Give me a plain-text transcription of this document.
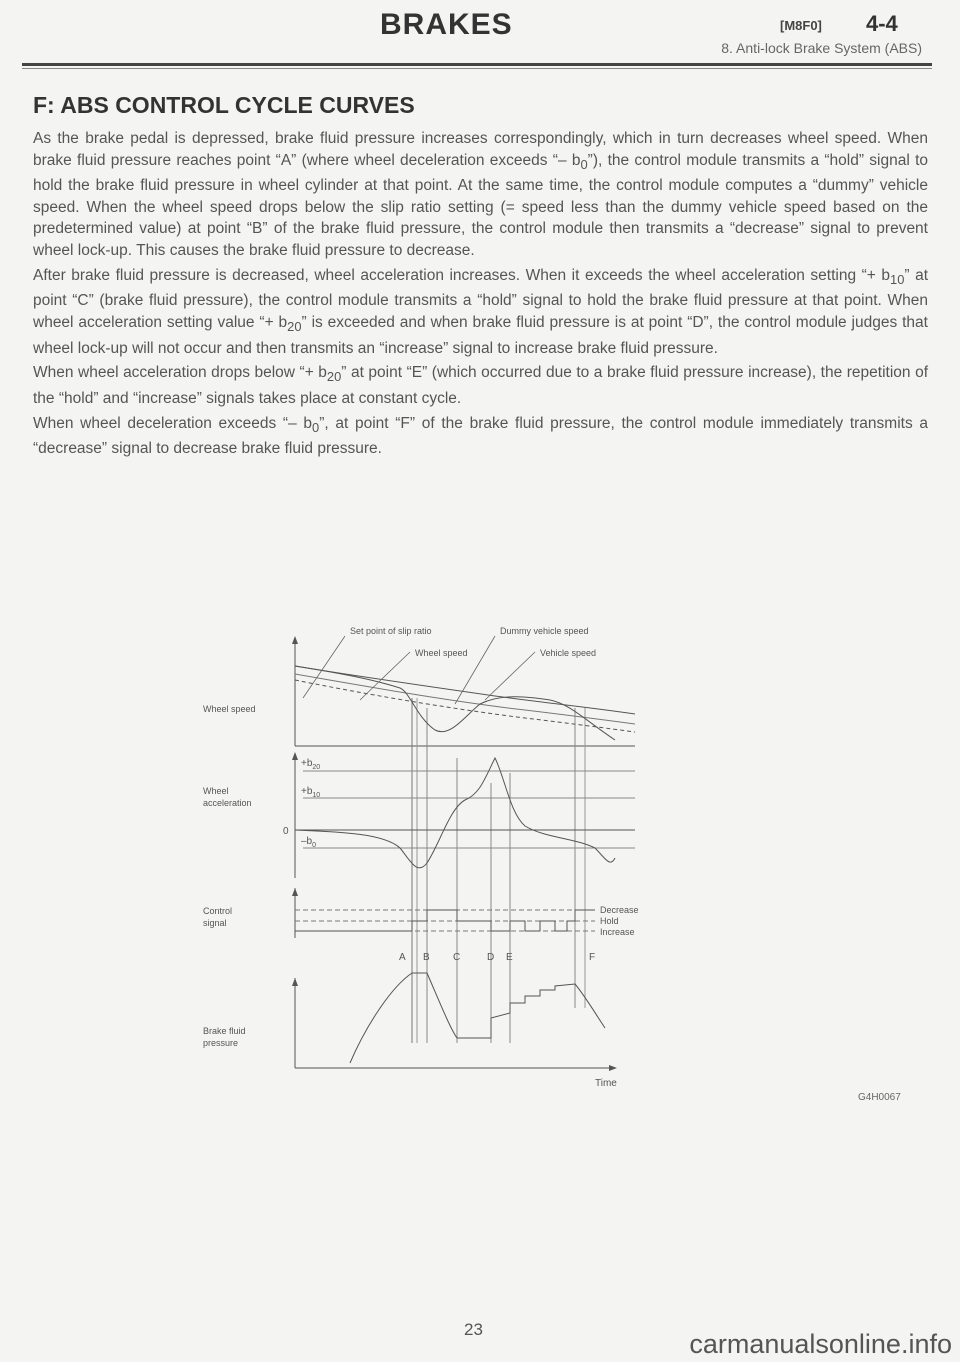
BRAKES	[M8F0] 4-4
8. Anti-lock Brake System (ABS)
F: ABS CONTROL CYCLE CURVES

As the brake pedal is depressed, brake fluid pressure increases correspondingly, which in turn decreases wheel speed. When brake fluid pressure reaches point “A” (where wheel deceleration exceeds “– $b_0$”), the control module transmits a “hold” signal to hold the brake fluid pressure in wheel cylinder at that point. At the same time, the control module computes a “dummy” vehicle speed. When the wheel speed drops below the slip ratio setting (= speed less than the dummy vehicle speed based on the predetermined value) at point “B” of the brake fluid pressure, the control module then transmits a “decrease” signal to prevent wheel lock-up. This causes the brake fluid pressure to decrease.

After brake fluid pressure is decreased, wheel acceleration increases. When it exceeds the wheel acceleration setting “+ $b_{10}$” at point “C” (brake fluid pressure), the control module transmits a “hold” signal to hold the brake fluid pressure at that point. When wheel acceleration setting value “+ $b_{20}$” is exceeded and when brake fluid pressure is at point “D”, the control module judges that wheel lock-up will not occur and then transmits an “increase” signal to increase brake fluid pressure.

When wheel acceleration drops below “+ $b_{20}$” at point “E” (which occurred due to a brake fluid pressure increase), the repetition of the “hold” and “increase” signals takes place at constant cycle.

When wheel deceleration exceeds “– $b_0$”, at point “F” of the brake fluid pressure, the control module immediately transmits a “decrease” signal to decrease brake fluid pressure.

Set point of slip ratio	Dummy vehicle speed
Wheel speed	Vehicle speed
Wheel speed
Wheel
acceleration
0
Control
signal
Brake fluid
pressure
Time
$+b_{20}$
$+b_{10}$
$-b_0$
Decrease
Hold
Increase
A B C	D E	F
G4H0067
23	carmanualsonline.info
